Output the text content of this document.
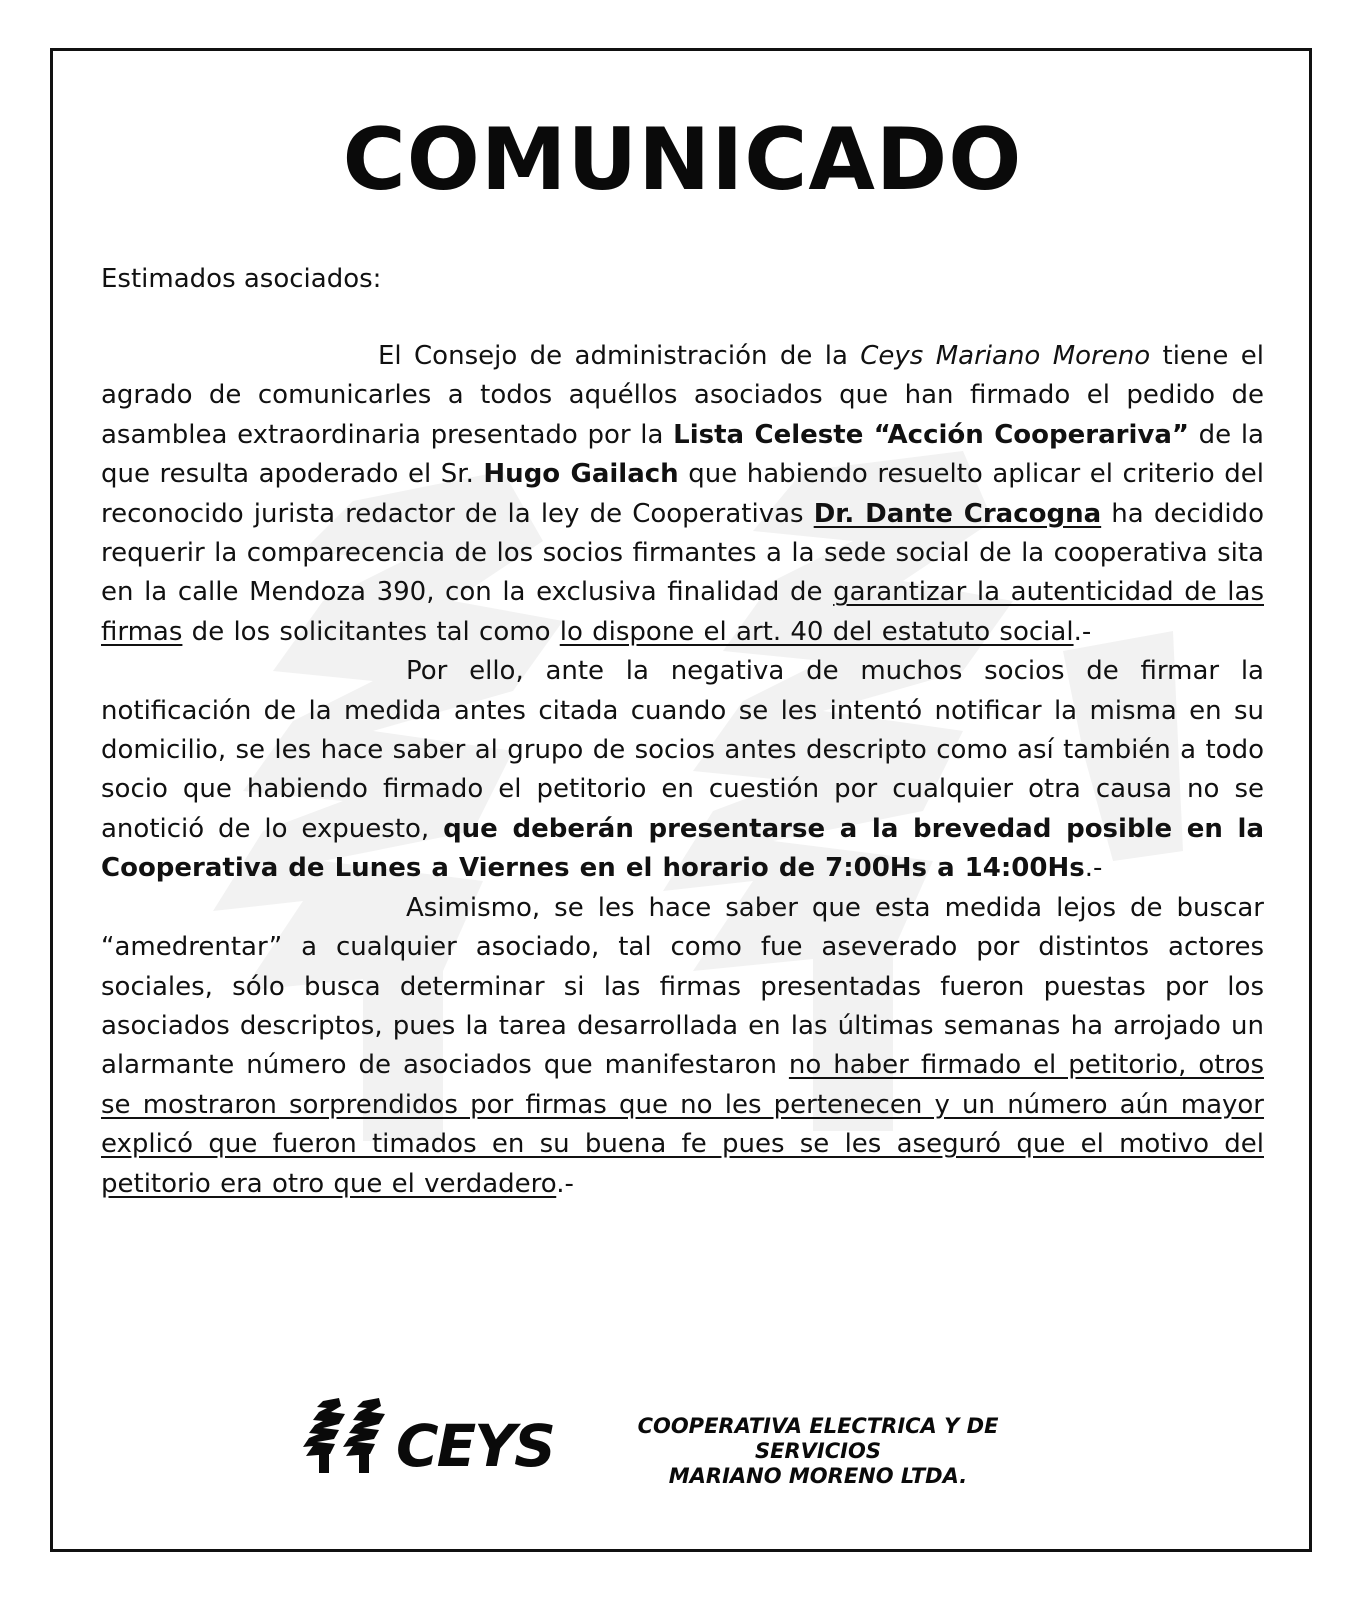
COMUNICADO
Estimados asociados:

El Consejo de administración de la Ceys Mariano Moreno tiene el agrado de comunicarles a todos aquéllos asociados que han firmado el pedido de asamblea extraordinaria presentado por la Lista Celeste “Acción Cooperariva” de la que resulta apoderado el Sr. Hugo Gailach que habiendo resuelto aplicar el criterio del reconocido jurista redactor de la ley de Cooperativas Dr. Dante Cracogna ha decidido requerir la comparecencia de los socios firmantes a la sede social de la cooperativa sita en la calle Mendoza 390, con la exclusiva finalidad de garantizar la autenticidad de las firmas de los solicitantes tal como lo dispone el art. 40 del estatuto social.-

Por ello, ante la negativa de muchos socios de firmar la notificación de la medida antes citada cuando se les intentó notificar la misma en su domicilio, se les hace saber al grupo de socios antes descripto como así también a todo socio que habiendo firmado el petitorio en cuestión por cualquier otra causa no se anotició de lo expuesto, que deberán presentarse a la brevedad posible en la Cooperativa de Lunes a Viernes en el horario de 7:00Hs a 14:00Hs.-

Asimismo, se les hace saber que esta medida lejos de buscar “amedrentar” a cualquier asociado, tal como fue aseverado por distintos actores sociales, sólo busca determinar si las firmas presentadas fueron puestas por los asociados descriptos, pues la tarea desarrollada en las últimas semanas ha arrojado un alarmante número de asociados que manifestaron no haber firmado el petitorio, otros se mostraron sorprendidos por firmas que no les pertenecen y un número aún mayor explicó que fueron timados en su buena fe pues se les aseguró que el motivo del petitorio era otro que el verdadero.-

CEYS	COOPERATIVA ELECTRICA Y DE SERVICIOS
MARIANO MORENO LTDA.
